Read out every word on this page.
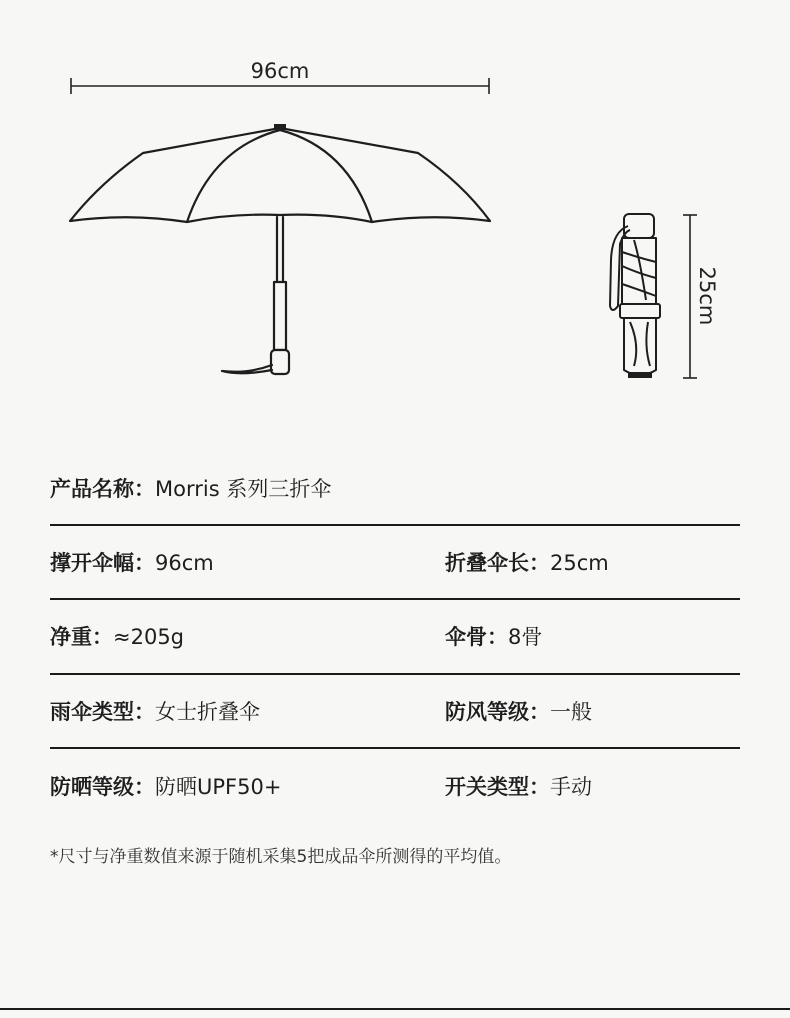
96cm
25cm
产品名称：Morris 系列三折伞
撑开伞幅：96cm	折叠伞长：25cm
净重：≈205g	伞骨：8骨
雨伞类型：女士折叠伞	防风等级：一般
防晒等级：防晒UPF50+	开关类型：手动
*尺寸与净重数值来源于随机采集5把成品伞所测得的平均值。
